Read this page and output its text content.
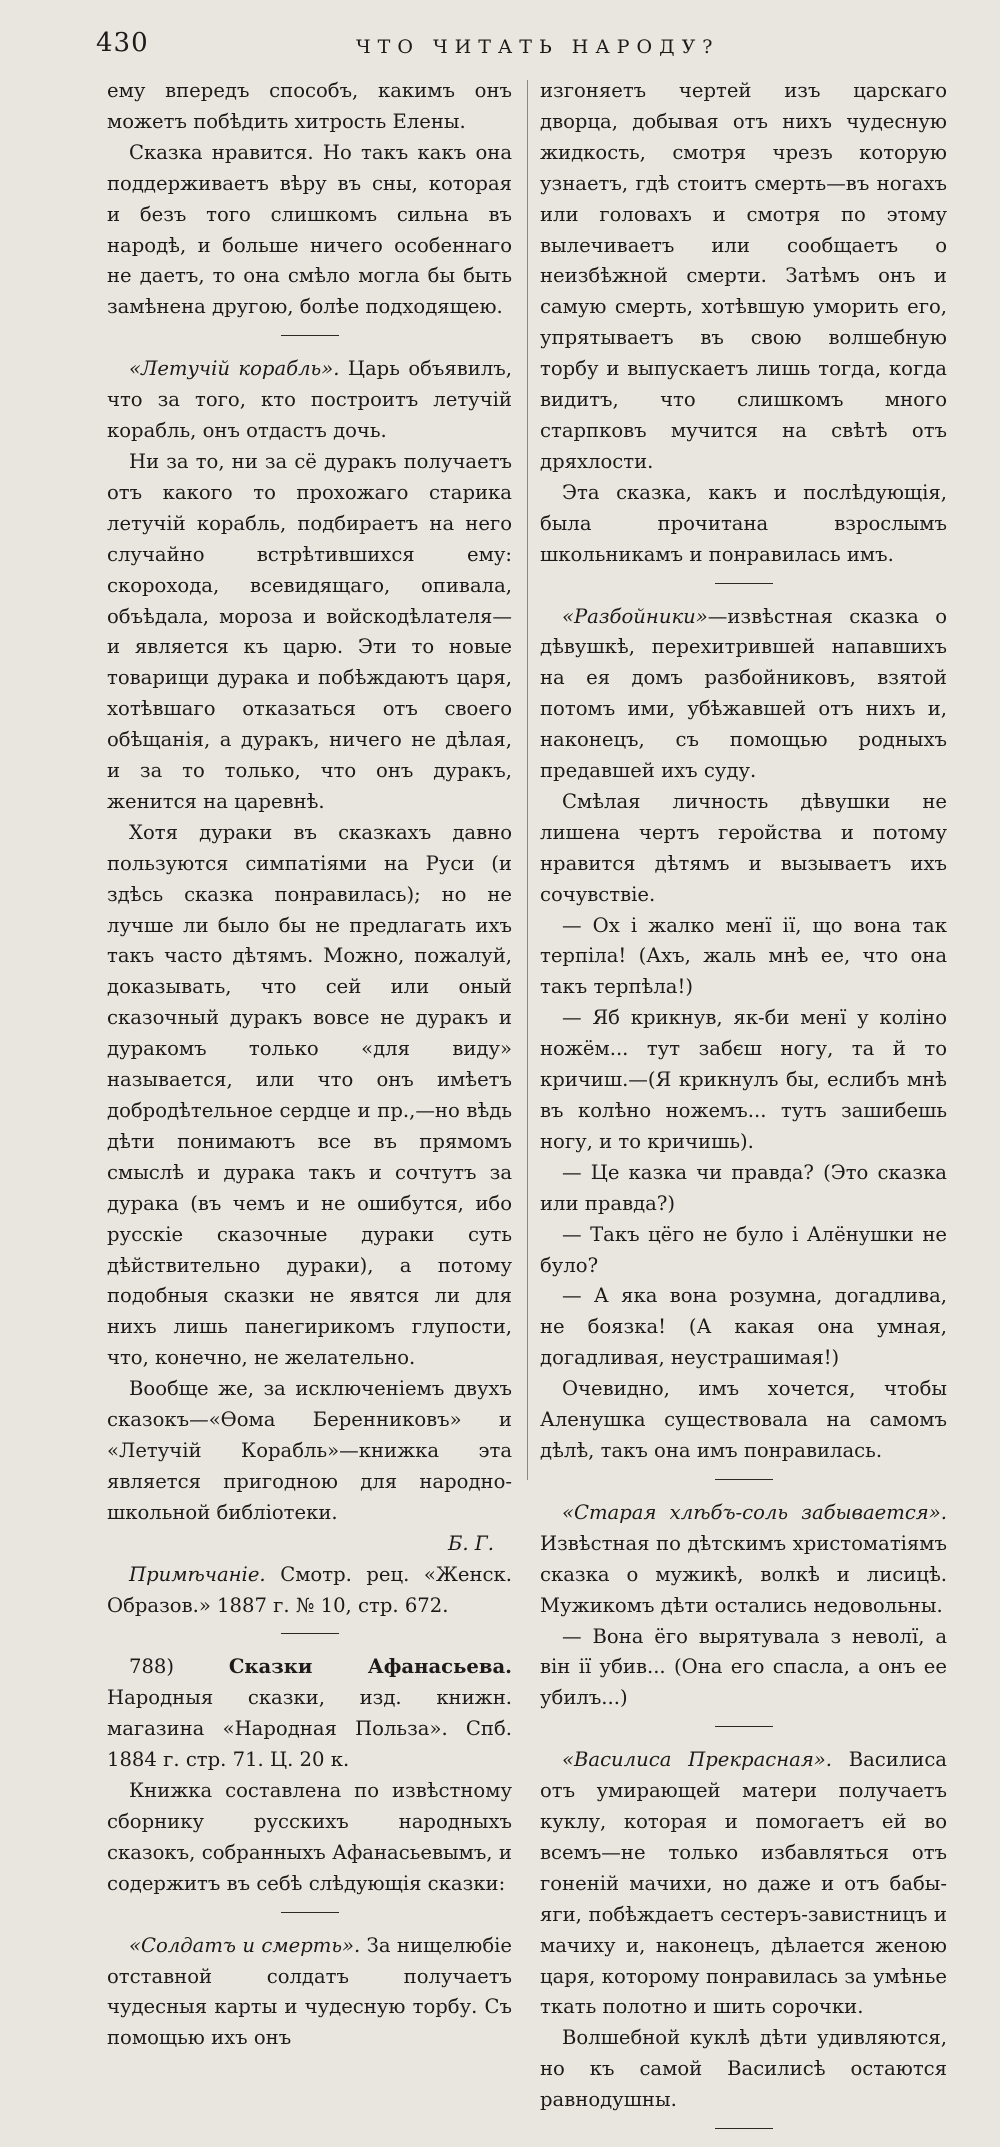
430	ЧТО ЧИТАТЬ НАРОДУ?

ему впередъ способъ, какимъ онъ можетъ побѣдить хитрость Елены.

Сказка нравится. Но такъ какъ она поддерживаетъ вѣру въ сны, которая и безъ того слишкомъ сильна въ народѣ, и больше ничего особеннаго не даетъ, то она смѣло могла бы быть замѣнена другою, болѣе подходящею.

«Летучій корабль». Царь объявилъ, что за того, кто построитъ летучій корабль, онъ отдастъ дочь.

Ни за то, ни за сё дуракъ получаетъ отъ какого то прохожаго старика летучій корабль, подбираетъ на него случайно встрѣтившихся ему: скорохода, всевидящаго, опивала, объѣдала, мороза и войскодѣлателя—и является къ царю. Эти то новые товарищи дурака и побѣждаютъ царя, хотѣвшаго отказаться отъ своего обѣщанія, а дуракъ, ничего не дѣлая, и за то только, что онъ дуракъ, женится на царевнѣ.

Хотя дураки въ сказкахъ давно пользуются симпатіями на Руси (и здѣсь сказка понравилась); но не лучше ли было бы не предлагать ихъ такъ часто дѣтямъ. Можно, пожалуй, доказывать, что сей или оный сказочный дуракъ вовсе не дуракъ и дуракомъ только «для виду» называется, или что онъ имѣетъ добродѣтельное сердце и пр.,—но вѣдь дѣти понимаютъ все въ прямомъ смыслѣ и дурака такъ и сочтутъ за дурака (въ чемъ и не ошибутся, ибо русскіе сказочные дураки суть дѣйствительно дураки), а потому подобныя сказки не явятся ли для нихъ лишь панегирикомъ глупости, что, конечно, не желательно.

Вообще же, за исключеніемъ двухъ сказокъ—«Ѳома Беренниковъ» и «Летучій Корабль»—книжка эта является пригодною для народно-школьной библіотеки.

Б. Г.

Примѣчаніе. Смотр. рец. «Женск. Образов.» 1887 г. № 10, стр. 672.

788) Сказки Афанасьева. Народныя сказки, изд. книжн. магазина «Народная Польза». Спб. 1884 г. стр. 71. Ц. 20 к.

Книжка составлена по извѣстному сборнику русскихъ народныхъ сказокъ, собранныхъ Афанасьевымъ, и содержитъ въ себѣ слѣдующія сказки:

«Солдатъ и смерть». За нищелюбіе отставной солдатъ получаетъ чудесныя карты и чудесную торбу. Съ помощью ихъ онъ

изгоняетъ чертей изъ царскаго дворца, добывая отъ нихъ чудесную жидкость, смотря чрезъ которую узнаетъ, гдѣ стоитъ смерть—въ ногахъ или головахъ и смотря по этому вылечиваетъ или сообщаетъ о неизбѣжной смерти. Затѣмъ онъ и самую смерть, хотѣвшую уморить его, упрятываетъ въ свою волшебную торбу и выпускаетъ лишь тогда, когда видитъ, что слишкомъ много старпковъ мучится на свѣтѣ отъ дряхлости.

Эта сказка, какъ и послѣдующія, была прочитана взрослымъ школьникамъ и понравилась имъ.

«Разбойники»—извѣстная сказка о дѣвушкѣ, перехитрившей напавшихъ на ея домъ разбойниковъ, взятой потомъ ими, убѣжавшей отъ нихъ и, наконецъ, съ помощью родныхъ предавшей ихъ суду.

Смѣлая личность дѣвушки не лишена чертъ геройства и потому нравится дѣтямъ и вызываетъ ихъ сочувствіе.

— Ох і жалко менї ії, що вона так терпіла! (Ахъ, жаль мнѣ ее, что она такъ терпѣла!)

— Яб крикнув, як-би менї у коліно ножём... тут забєш ногу, та й то кричиш.—(Я крикнулъ бы, еслибъ мнѣ въ колѣно ножемъ... тутъ зашибешь ногу, и то кричишь).

— Це казка чи правда? (Это сказка или правда?)

— Такъ цёго не було і Алёнушки не було?

— А яка вона розумна, догадлива, не боязка! (А какая она умная, догадливая, неустрашимая!)

Очевидно, имъ хочется, чтобы Аленушка существовала на самомъ дѣлѣ, такъ она имъ понравилась.

«Старая хлѣбъ-соль забывается». Извѣстная по дѣтскимъ христоматіямъ сказка о мужикѣ, волкѣ и лисицѣ. Мужикомъ дѣти остались недовольны.

— Вона ёго вырятувала з неволї, а вiн ії убив... (Она его спасла, а онъ ее убилъ...)

«Василиса Прекрасная». Василиса отъ умирающей матери получаетъ куклу, которая и помогаетъ ей во всемъ—не только избавляться отъ гоненій мачихи, но даже и отъ бабы-яги, побѣждаетъ сестеръ-завистницъ и мачиху и, наконецъ, дѣлается женою царя, которому понравилась за умѣнье ткать полотно и шить сорочки.

Волшебной куклѣ дѣти удивляются, но къ самой Василисѣ остаются равнодушны.
